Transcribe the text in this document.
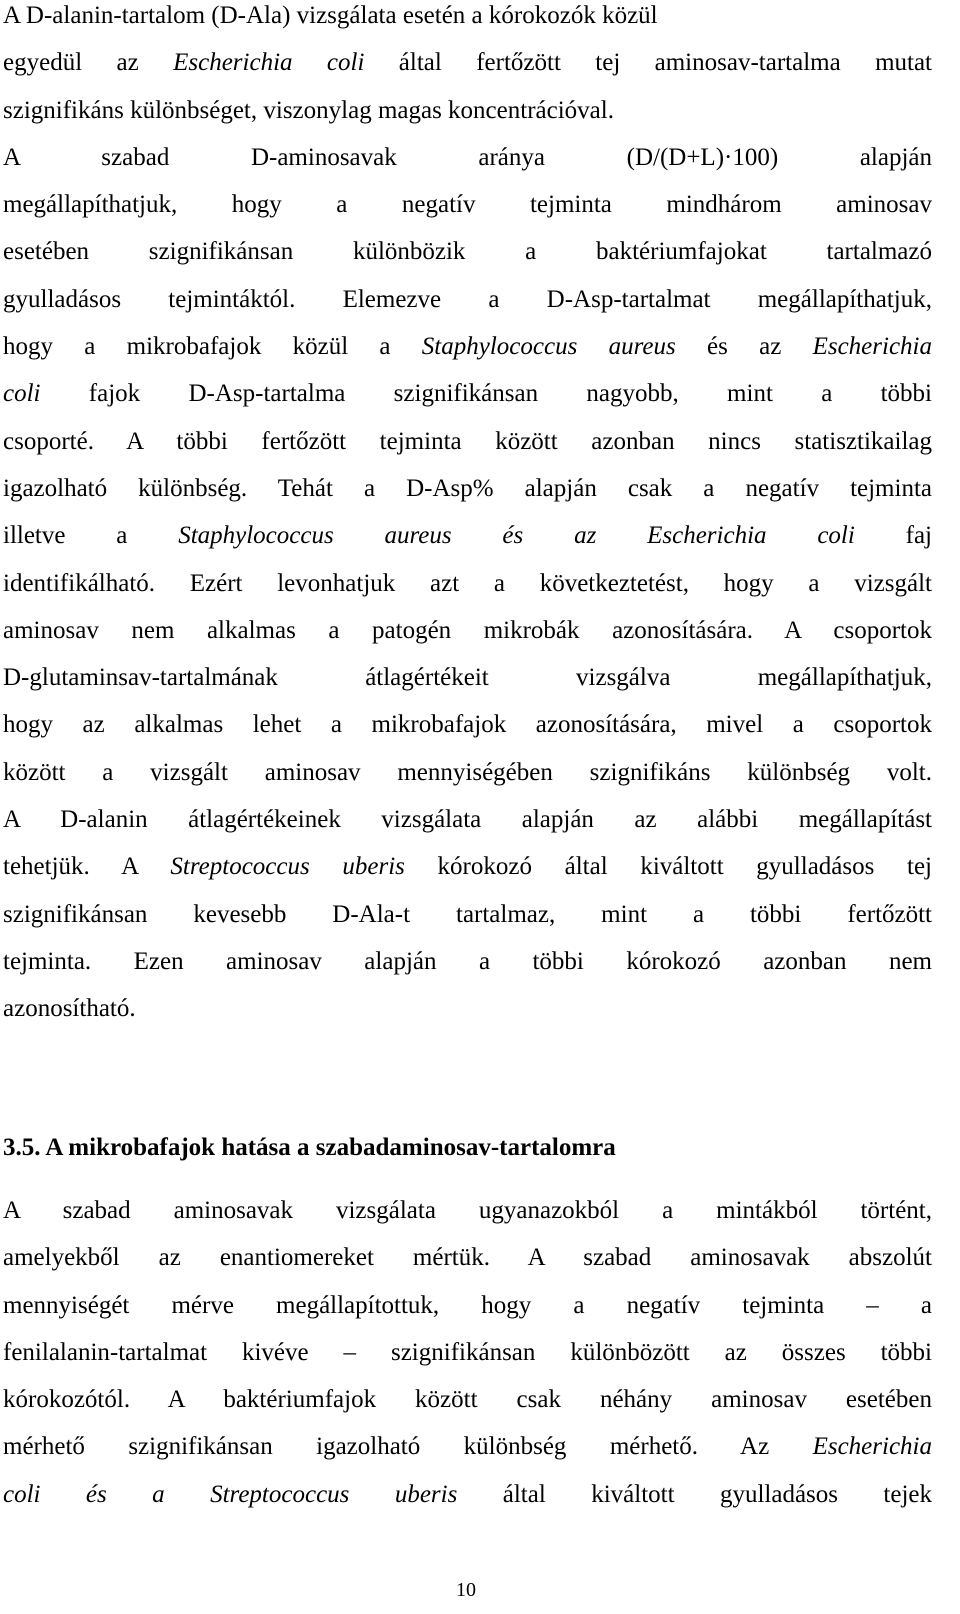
A D-alanin-tartalom (D-Ala) vizsgálata esetén a kórokozók közül
egyedül az Escherichia coli által fertőzött tej aminosav-tartalma mutat
szignifikáns különbséget, viszonylag magas koncentrációval.
A szabad D-aminosavak aránya (D/(D+L)·100) alapján
megállapíthatjuk, hogy a negatív tejminta mindhárom aminosav
esetében szignifikánsan különbözik a baktériumfajokat tartalmazó
gyulladásos tejmintáktól. Elemezve a D-Asp-tartalmat megállapíthatjuk,
hogy a mikrobafajok közül a Staphylococcus aureus és az Escherichia
coli fajok D-Asp-tartalma szignifikánsan nagyobb, mint a többi
csoporté. A többi fertőzött tejminta között azonban nincs statisztikailag
igazolható különbség. Tehát a D-Asp% alapján csak a negatív tejminta
illetve a Staphylococcus aureus és az Escherichia coli faj
identifikálható. Ezért levonhatjuk azt a következtetést, hogy a vizsgált
aminosav nem alkalmas a patogén mikrobák azonosítására. A csoportok
D-glutaminsav-tartalmának átlagértékeit vizsgálva megállapíthatjuk,
hogy az alkalmas lehet a mikrobafajok azonosítására, mivel a csoportok
között a vizsgált aminosav mennyiségében szignifikáns különbség volt.
A D-alanin átlagértékeinek vizsgálata alapján az alábbi megállapítást
tehetjük. A Streptococcus uberis kórokozó által kiváltott gyulladásos tej
szignifikánsan kevesebb D-Ala-t tartalmaz, mint a többi fertőzött
tejminta. Ezen aminosav alapján a többi kórokozó azonban nem
azonosítható.
3.5. A mikrobafajok hatása a szabadaminosav-tartalomra
A szabad aminosavak vizsgálata ugyanazokból a mintákból történt,
amelyekből az enantiomereket mértük. A szabad aminosavak abszolút
mennyiségét mérve megállapítottuk, hogy a negatív tejminta – a
fenilalanin-tartalmat kivéve – szignifikánsan különbözött az összes többi
kórokozótól. A baktériumfajok között csak néhány aminosav esetében
mérhető szignifikánsan igazolható különbség mérhető. Az Escherichia
coli és a Streptococcus uberis által kiváltott gyulladásos tejek
10
